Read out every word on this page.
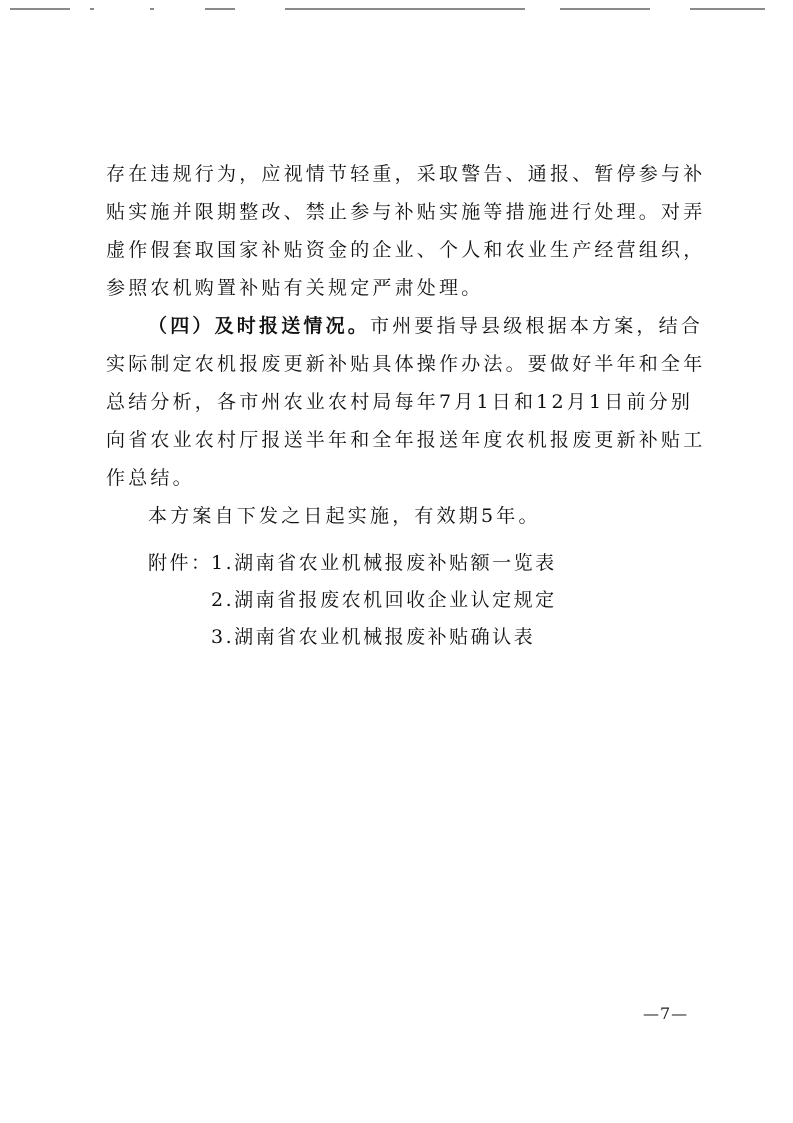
存在违规行为，应视情节轻重，采取警告、通报、暂停参与补贴实施并限期整改、禁止参与补贴实施等措施进行处理。对弄虚作假套取国家补贴资金的企业、个人和农业生产经营组织，参照农机购置补贴有关规定严肃处理。

（四）及时报送情况。市州要指导县级根据本方案，结合实际制定农机报废更新补贴具体操作办法。要做好半年和全年总结分析，各市州农业农村局每年7月1日和12月1日前分别向省农业农村厅报送半年和全年报送年度农机报废更新补贴工作总结。

本方案自下发之日起实施，有效期5年。

附件：
1.湖南省农业机械报废补贴额一览表
2.湖南省报废农机回收企业认定规定
3.湖南省农业机械报废补贴确认表
—7—
